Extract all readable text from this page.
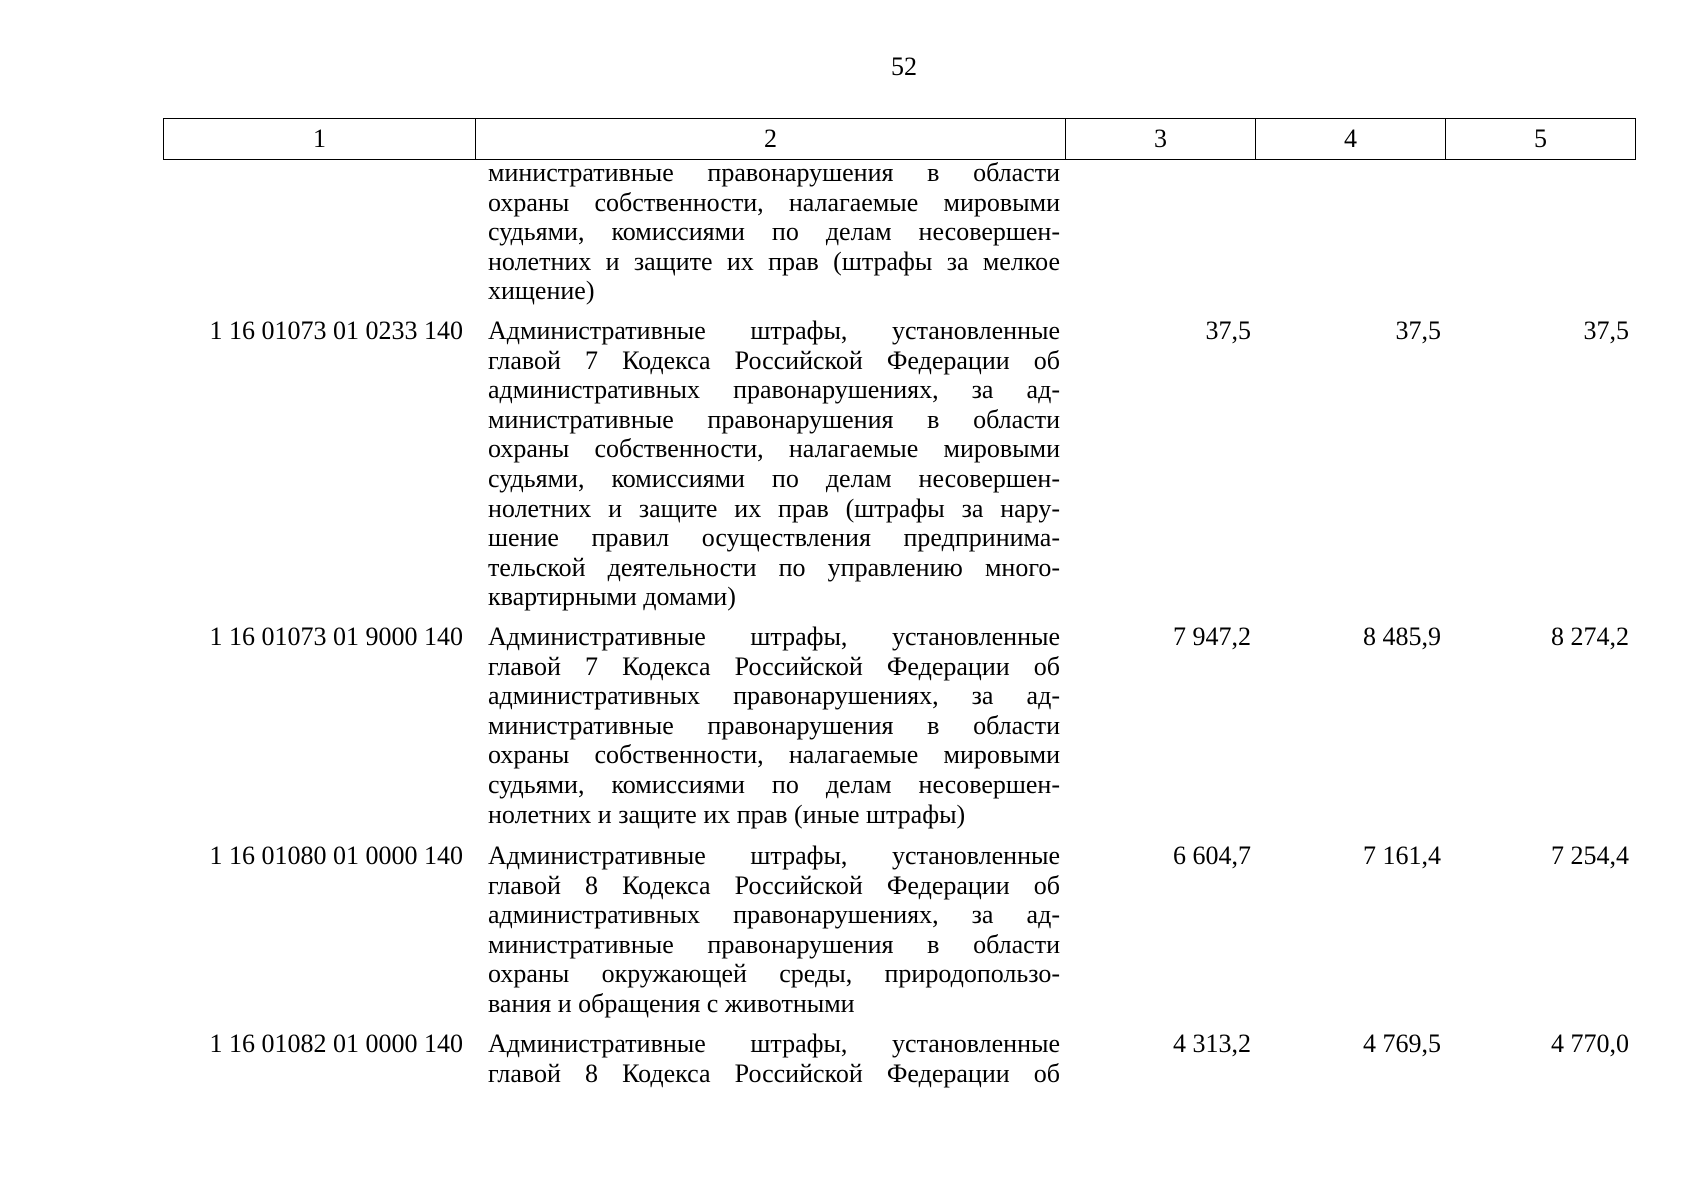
52
1	2	3	4	5
министративные правонарушения в области
охраны собственности, налагаемые мировыми
судьями, комиссиями по делам несовершен-
нолетних и защите их прав (штрафы за мелкое
хищение)
1 16 01073 01 0233 140 Административные штрафы, установленные
главой 7 Кодекса Российской Федерации об
административных правонарушениях, за ад-
министративные правонарушения в области
охраны собственности, налагаемые мировыми
судьями, комиссиями по делам несовершен-
нолетних и защите их прав (штрафы за нару-
шение правил осуществления предпринима-
тельской деятельности по управлению много-
квартирными домами)
37,5	37,5	37,5
1 16 01073 01 9000 140 Административные штрафы, установленные
главой 7 Кодекса Российской Федерации об
административных правонарушениях, за ад-
министративные правонарушения в области
охраны собственности, налагаемые мировыми
судьями, комиссиями по делам несовершен-
нолетних и защите их прав (иные штрафы)
7 947,2	8 485,9	8 274,2
1 16 01080 01 0000 140 Административные штрафы, установленные
главой 8 Кодекса Российской Федерации об
административных правонарушениях, за ад-
министративные правонарушения в области
охраны окружающей среды, природопользо-
вания и обращения с животными
6 604,7	7 161,4	7 254,4
1 16 01082 01 0000 140 Административные штрафы, установленные
главой 8 Кодекса Российской Федерации об
4 313,2	4 769,5	4 770,0
